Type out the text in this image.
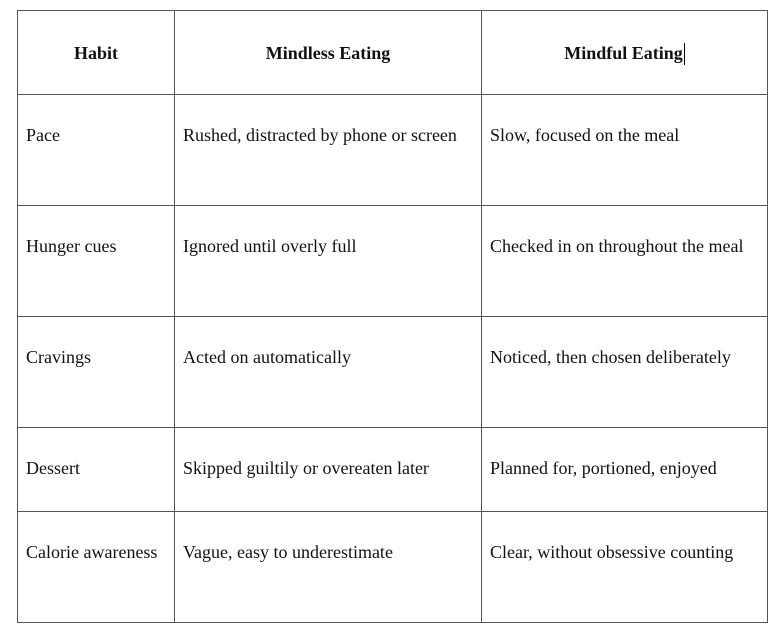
Habit	Mindless Eating	Mindful Eating
Pace	Rushed, distracted by phone or screen	Slow, focused on the meal
Hunger cues	Ignored until overly full	Checked in on throughout the meal
Cravings	Acted on automatically	Noticed, then chosen deliberately
Dessert	Skipped guiltily or overeaten later	Planned for, portioned, enjoyed
Calorie awareness	Vague, easy to underestimate	Clear, without obsessive counting
